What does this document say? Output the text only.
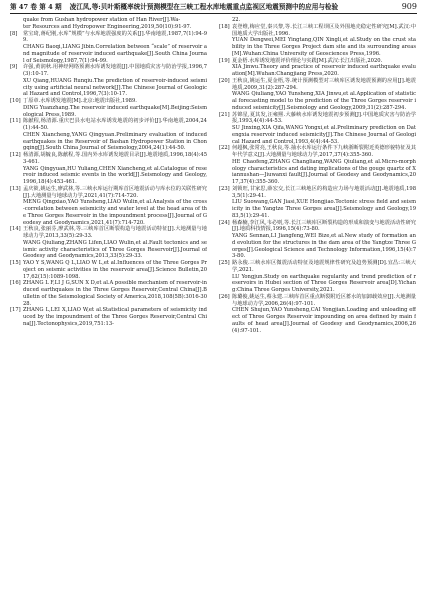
第 47 卷 第 4 期 凌江凤,等:贝叶斯概率统计预测模型在三峡工程水库地震重点监视区地震预测中的应用与检验	909
quake from Gushan hydropower station of Han River[J].Wa-
ter Resources and Hydropower Engineering,2019,50(10):91-97.
[8]	常宝琦,蒋纪刚,水库“规模”与水库地震强度的关系[J].华南地震,1987,7(1):94-99.
CHANG Baoqi,LIANG Jibin.Correlation between “scale” of reservoir and magnitude of reservoir induced earthquake[J].South China Journal of Seismology,1987,7(1):94-99.
[9]	许强,黄润秋.用神经网络预测水库诱发地震[J].中国地质灾害与防治学报,1996,7(3):10-17.
XU Qiang,HUANG Runqiu.The prediction of reservoir-induced seismicity using artificial neural network[J].The Chinese Journal of Geological Hazard and Control,1996,7(3):10-17.
[10] 丁原章.水库诱发地震[M].北京:地震出版社,1989.
DING Yuanzhang.The reservoir induced earthquake[M].Beijing:Seismological Press,1989.
[11] 陈献程,杨清源.重庆巴县水电站水库诱发地震的初步评价[J].华南地震,2004,24(1):44-50.
CHEN Xiancheng,YANG Qingyuan.Preliminary evaluation of induced earthquakes in the Reservoir of Bashan Hydropower Station in Chongqing[J].South China Journal of Seismology,2004,24(1):44-50.
[12] 杨清源,胡毓良,陈献程,等.国内外水库诱发地震目录[J].地震地质,1996,18(4):453-461.
YANG Qingyuan,HU Yuliang,CHEN Xiancheng,et al.Catalogue of reservoir induced seismic events in the world[J].Seismology and Geology,1996,18(4):453-461.
[13] 孟庆筱,姚运生,廖武林,等.三峡水库运行期库首区地震活动与库水位的关联性研究[J].大地测量与地球动力学,2021,41(7):714-720.
MENG Qingxiao,YAO Yunsheng,LIAO Wulin,et al.Analysis of the cross-correlation between seismicity and water level at the head area of the Three Gorges Reservoir in the impoundment process[J].Journal of Geodesy and Geodynamics,2021,41(7):714-720.
[14] 王秋良,张丽芬,廖武林,等.三峡库首区断裂构造与地震活动特征[J].大地测量与地球动力学,2013,33(5):29-33.
WANG Qiuliang,ZHANG Lifen,LIAO Wulin,et al.Fault tectonics and seismic activity characteristics of Three Gorges Reservoir[J].Journal of Geodesy and Geodynamics,2013,33(5):29-33.
[15] YAO Y S,WANG Q L,LIAO W L,et al.Influences of the Three Gorges Project on seismic activities in the reservoir area[J].Science Bulletin,2017,62(15):1089-1098.
[16] ZHANG L F,LI J G,SUN X D,et al.A possible mechanism of reservoir-induced earthquakes in the Three Gorges Reservoir,Central China[J].Bulletin of the Seismological Society of America,2018,108(5B):3016-3028.
[17] ZHANG L,LEI X,LIAO W,et al.Statistical parameters of seismicity induced by the impoundment of the Three Gorges Reservoir,Central China[J].Tectonophysics,2019,751:13-
22.
[18] 袁登维,梅应堂,秦兴黎,等.长江三峡工程坝区及外围地壳稳定性研究[M].武汉:中国地质大学出版社,1996.
YUAN Dengwei,MEI Yingtang,QIN Xingli,et al.Study on the crust stability in the Three Gorges Project dam site and its surrounding areas[M].Wuhan:China University of Geosciences Press,1996.
[19] 夏金梧.水库诱发地震评价理论与实践[M].武汉:长江出版社,2020.
XIA Jinwu.Theory and practice of reservoir induced earthquake evaluation[M].Wuhan:Changjiang Press,2020.
[20] 王秋良,姚运生,夏金梧,等.统计预测模型对三峡库区诱发地震预测的应用[J].地震地质,2009,31(2):287-294.
WANG Qiuliang,YAO Yunsheng,XIA Jinwu,et al.Application of statistical forecasting model to the prediction of the Three Gorges reservoir induced seismicity[J].Seismology and Geology,2009,31(2):287-294.
[21] 苏锦星,夏其发,汪雍熙.大藤峡水库诱发地震初步预测[J].中国地质灾害与防治学报,1993,4(4):44-53.
SU Jinxing,XIA Qifa,WANG Yongxi,et al.Preliminary prediction on Datengxia reservoir induced seismicity[J].The Chinese Journal of Geological Hazard and Control,1993,4(4):44-53.
[22] 何超枫,张常亮,王秋良,等.抽水水库运行条件下九峡浙断裂附近英德形貌特征及其年代学意义[J].大地测量与地球动力学,2017,37(4):355-360.
HE Chaofeng,ZHANG Changliang,WANG Qiuliang,et al.Micro-morphology characteristics and dating implications of the gouge quartz of Xiannushan—Jiuwanxi fault[J].Journal of Geodesy and Geodynamics,2017,37(4):355-360.
[23] 刘锁旺,甘家思,薛宏交,长江三峡地区的构造应力场与地震活动[J].地震地质,1983,5(1):29-41.
LIU Suowang,GAN Jiasi,XUE Hongjiao.Tectonic stress field and seismicity in the Yangtze Three Gorges area[J].Seismology and Geology,1983,5(1):29-41.
[24] 杨森楠,李江风,韦必则,等.长江三峡库区断裂构造的形成和演变与地震活动性研究[J].地质科技情报,1996,15(4):73-80.
YANG Sennan,LI Jiangfeng,WEI Bize,et al.New study of formation and evolution for the structures in the dam area of the Yangtze Three Gorges[J].Geological Science and Technology Information,1996,15(4):73-80.
[25] 路永俊.三峡水库区微震活动特征及地震规律性研究及趋势预测[D].宜昌:三峡大学,2021.
LU Yongjun.Study on earthquake regularity and trend prediction of reservoirs in Hubei section of Three Gorges Reservoir area[D].Yichang:China Three Gorges University,2021.
[26] 陈璐俊,姚运生,蔡永建.三峡库首区重点断裂附近区蓄水的加卸载效应[J].大地测量与地球动力学,2006,26(4):97-101.
CHEN Shujun,YAO Yunsheng,CAI Yongjian.Loading and unloading effect of Three Gorges Reservoir impounding on area defined by main faults of head area[J].Journal of Geodesy and Geodynamics,2006,26(4):97-101.
